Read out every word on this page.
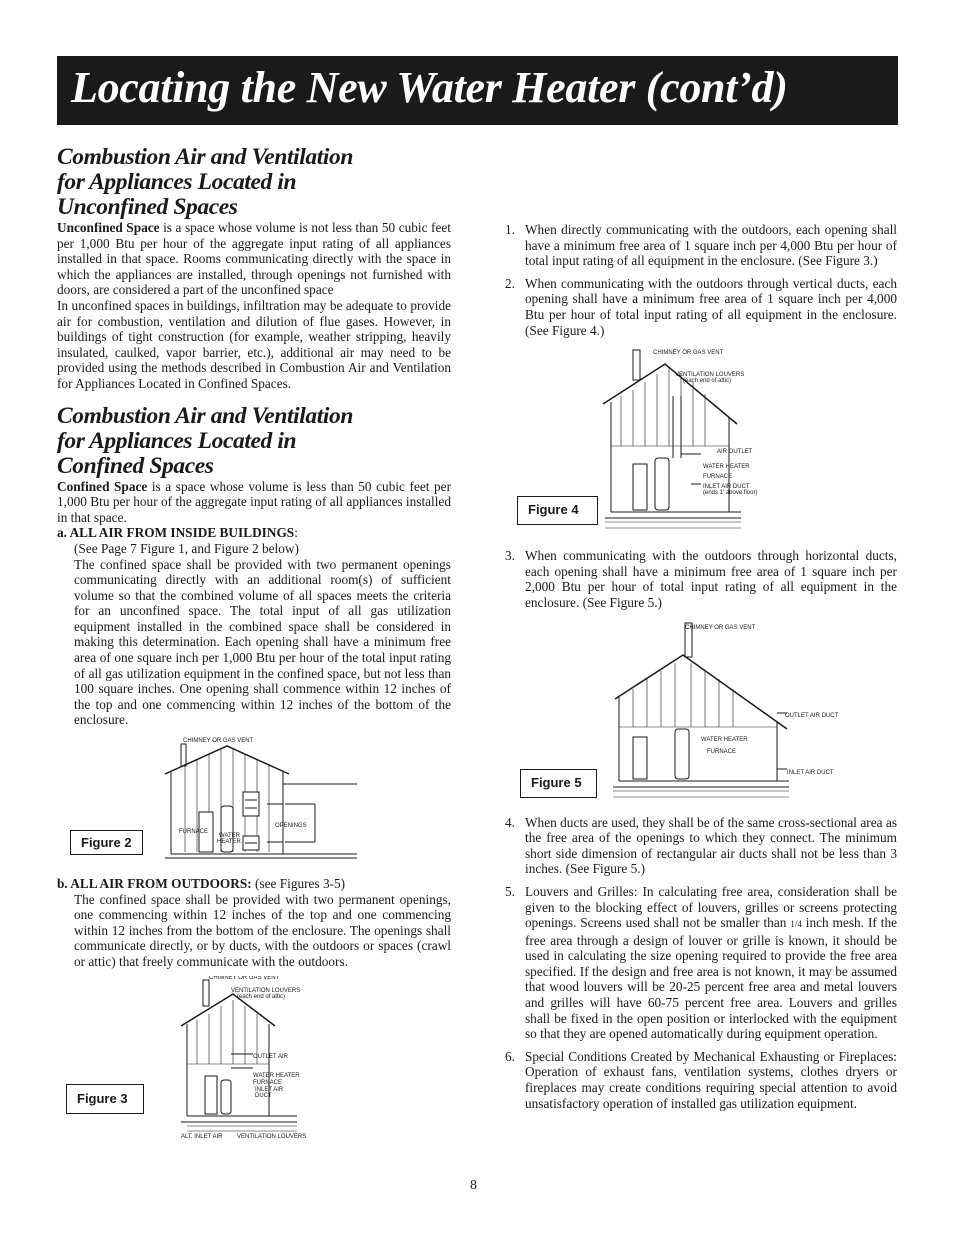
Locating the New Water Heater (cont’d)
Combustion Air and Ventilation
for Appliances Located in
Unconfined Spaces

Unconfined Space is a space whose volume is not less than 50 cubic feet per 1,000 Btu per hour of the aggregate input rating of all appliances installed in that space. Rooms communicating directly with the space in which the appliances are installed, through openings not furnished with doors, are considered a part of the unconfined space

In unconfined spaces in buildings, infiltration may be adequate to provide air for combustion, ventilation and dilution of flue gases. However, in buildings of tight construction (for example, weather stripping, heavily insulated, caulked, vapor barrier, etc.), additional air may need to be provided using the methods described in Combustion Air and Ventilation for Appliances Located in Confined Spaces.

Combustion Air and Ventilation
for Appliances Located in
Confined Spaces

Confined Space is a space whose volume is less than 50 cubic feet per 1,000 Btu per hour of the aggregate input rating of all appliances installed in that space.

a. ALL AIR FROM INSIDE BUILDINGS:
(See Page 7 Figure 1, and Figure 2 below)

The confined space shall be provided with two permanent openings communicating directly with an additional room(s) of sufficient volume so that the combined volume of all spaces meets the criteria for an unconfined space. The total input of all gas utilization equipment installed in the combined space shall be considered in making this determination. Each opening shall have a minimum free area of one square inch per 1,000 Btu per hour of the total input rating of all gas utilization equipment in the confined space, but not less than 100 square inches. One opening shall commence within 12 inches of the top and one commencing within 12 inches of the bottom of the enclosure.

CHIMNEY OR GAS VENT
FURNACE
WATER
HEATER
OPENINGS
Figure 2
b. ALL AIR FROM OUTDOORS: (see Figures 3-5)

The confined space shall be provided with two permanent openings, one commencing within 12 inches of the top and one commencing within 12 inches from the bottom of the enclosure. The openings shall communicate directly, or by ducts, with the outdoors or spaces (crawl or attic) that freely communicate with the outdoors.

CHIMNEY OR GAS VENT
VENTILATION LOUVERS
(each end of attic)
OUTLET AIR
WATER HEATER
FURNACE
INLET AIR
DUCT
ALT. INLET AIR VENTILATION LOUVERS
Figure 3
1. When directly communicating with the outdoors, each opening shall have a minimum free area of 1 square inch per 4,000 Btu per hour of total input rating of all equipment in the enclosure. (See Figure 3.)
2. When communicating with the outdoors through vertical ducts, each opening shall have a minimum free area of 1 square inch per 4,000 Btu per hour of total input rating of all equipment in the enclosure. (See Figure 4.)
CHIMNEY OR GAS VENT
VENTILATION LOUVERS
(each end of attic)
AIR OUTLET
WATER HEATER
FURNACE
INLET AIR DUCT
(ends 1' above floor)
Figure 4
3. When communicating with the outdoors through horizontal ducts, each opening shall have a minimum free area of 1 square inch per 2,000 Btu per hour of total input rating of all equipment in the enclosure. (See Figure 5.)
CHIMNEY OR GAS VENT
OUTLET AIR DUCT
WATER HEATER
FURNACE
INLET AIR DUCT
Figure 5
4. When ducts are used, they shall be of the same cross-sectional area as the free area of the openings to which they connect. The minimum short side dimension of rectangular air ducts shall not be less than 3 inches. (See Figure 5.)
5. Louvers and Grilles: In calculating free area, consideration shall be given to the blocking effect of louvers, grilles or screens protecting openings. Screens used shall not be smaller than 1/4 inch mesh. If the free area through a design of louver or grille is known, it should be used in calculating the size opening required to provide the free area specified. If the design and free area is not known, it may be assumed that wood louvers will be 20-25 percent free area and metal louvers and grilles will have 60-75 percent free area. Louvers and grilles shall be fixed in the open position or interlocked with the equipment so that they are opened automatically during equipment operation.
6. Special Conditions Created by Mechanical Exhausting or Fireplaces: Operation of exhaust fans, ventilation systems, clothes dryers or fireplaces may create conditions requiring special attention to avoid unsatisfactory operation of installed gas utilization equipment.
8
